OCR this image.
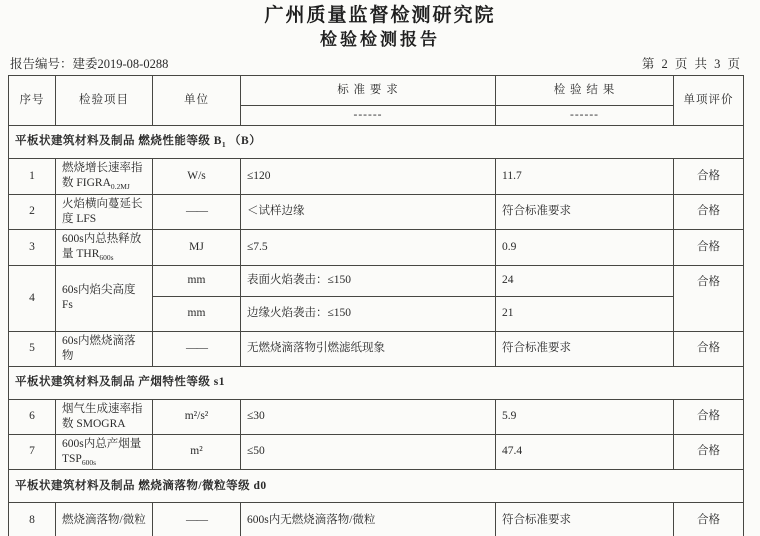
广州质量监督检测研究院
检验检测报告
报告编号：建委2019-08-0288	第 2 页 共 3 页
序号	检验项目	单位	标 准 要 求	检 验 结 果	单项评价
			------	------	
平板状建筑材料及制品 燃烧性能等级 $B_1$ （B）					
1	燃烧增长速率指数 $FIGRA_{0.2MJ}$	W/s	≤120	11.7	合格
2	火焰横向蔓延长度 LFS	——	＜试样边缘	符合标准要求	合格
3	600s内总热释放量 $THR_{600s}$	MJ	≤7.5	0.9	合格
4	60s内焰尖高度 Fs	mm	表面火焰袭击：≤150	24	合格
		mm	边缘火焰袭击：≤150	21	
5	60s内燃烧滴落物	——	无燃烧滴落物引燃滤纸现象	符合标准要求	合格
平板状建筑材料及制品 产烟特性等级 s1					
6	烟气生成速率指数 SMOGRA	m²/s²	≤30	5.9	合格
7	600s内总产烟量 $TSP_{600s}$	m²	≤50	47.4	合格
平板状建筑材料及制品 燃烧滴落物/微粒等级 d0					
8	燃烧滴落物/微粒	——	600s内无燃烧滴落物/微粒	符合标准要求	合格
